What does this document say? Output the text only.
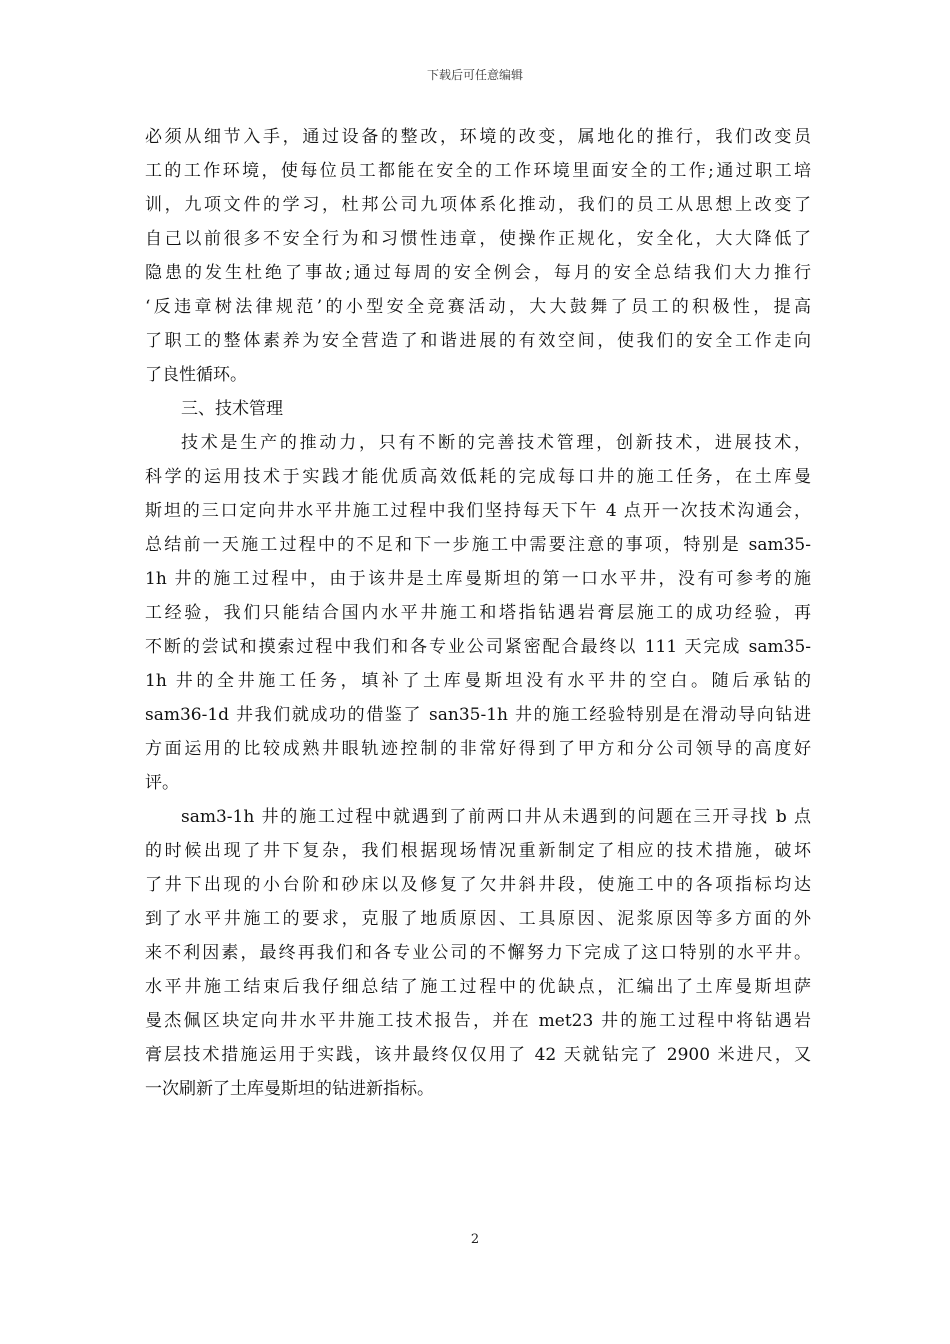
下载后可任意编辑
必须从细节入手，通过设备的整改，环境的改变，属地化的推行，我们改变员
工的工作环境，使每位员工都能在安全的工作环境里面安全的工作;通过职工培
训，九项文件的学习，杜邦公司九项体系化推动，我们的员工从思想上改变了
自己以前很多不安全行为和习惯性违章，使操作正规化，安全化，大大降低了
隐患的发生杜绝了事故;通过每周的安全例会，每月的安全总结我们大力推行
‘反违章树法律规范’的小型安全竞赛活动，大大鼓舞了员工的积极性，提高
了职工的整体素养为安全营造了和谐进展的有效空间，使我们的安全工作走向
了良性循环。
三、技术管理
技术是生产的推动力，只有不断的完善技术管理，创新技术，进展技术，
科学的运用技术于实践才能优质高效低耗的完成每口井的施工任务，在土库曼
斯坦的三口定向井水平井施工过程中我们坚持每天下午 4 点开一次技术沟通会，
总结前一天施工过程中的不足和下一步施工中需要注意的事项，特别是 sam35-
1h 井的施工过程中，由于该井是土库曼斯坦的第一口水平井，没有可参考的施
工经验，我们只能结合国内水平井施工和塔指钻遇岩膏层施工的成功经验，再
不断的尝试和摸索过程中我们和各专业公司紧密配合最终以 111 天完成 sam35-
1h 井的全井施工任务，填补了土库曼斯坦没有水平井的空白。随后承钻的
sam36-1d 井我们就成功的借鉴了 san35-1h 井的施工经验特别是在滑动导向钻进
方面运用的比较成熟井眼轨迹控制的非常好得到了甲方和分公司领导的高度好
评。
sam3-1h 井的施工过程中就遇到了前两口井从未遇到的问题在三开寻找 b 点
的时候出现了井下复杂，我们根据现场情况重新制定了相应的技术措施，破坏
了井下出现的小台阶和砂床以及修复了欠井斜井段，使施工中的各项指标均达
到了水平井施工的要求，克服了地质原因、工具原因、泥浆原因等多方面的外
来不利因素，最终再我们和各专业公司的不懈努力下完成了这口特别的水平井。
水平井施工结束后我仔细总结了施工过程中的优缺点，汇编出了土库曼斯坦萨
曼杰佩区块定向井水平井施工技术报告，并在 met23 井的施工过程中将钻遇岩
膏层技术措施运用于实践，该井最终仅仅用了 42 天就钻完了 2900 米进尺，又
一次刷新了土库曼斯坦的钻进新指标。
2
